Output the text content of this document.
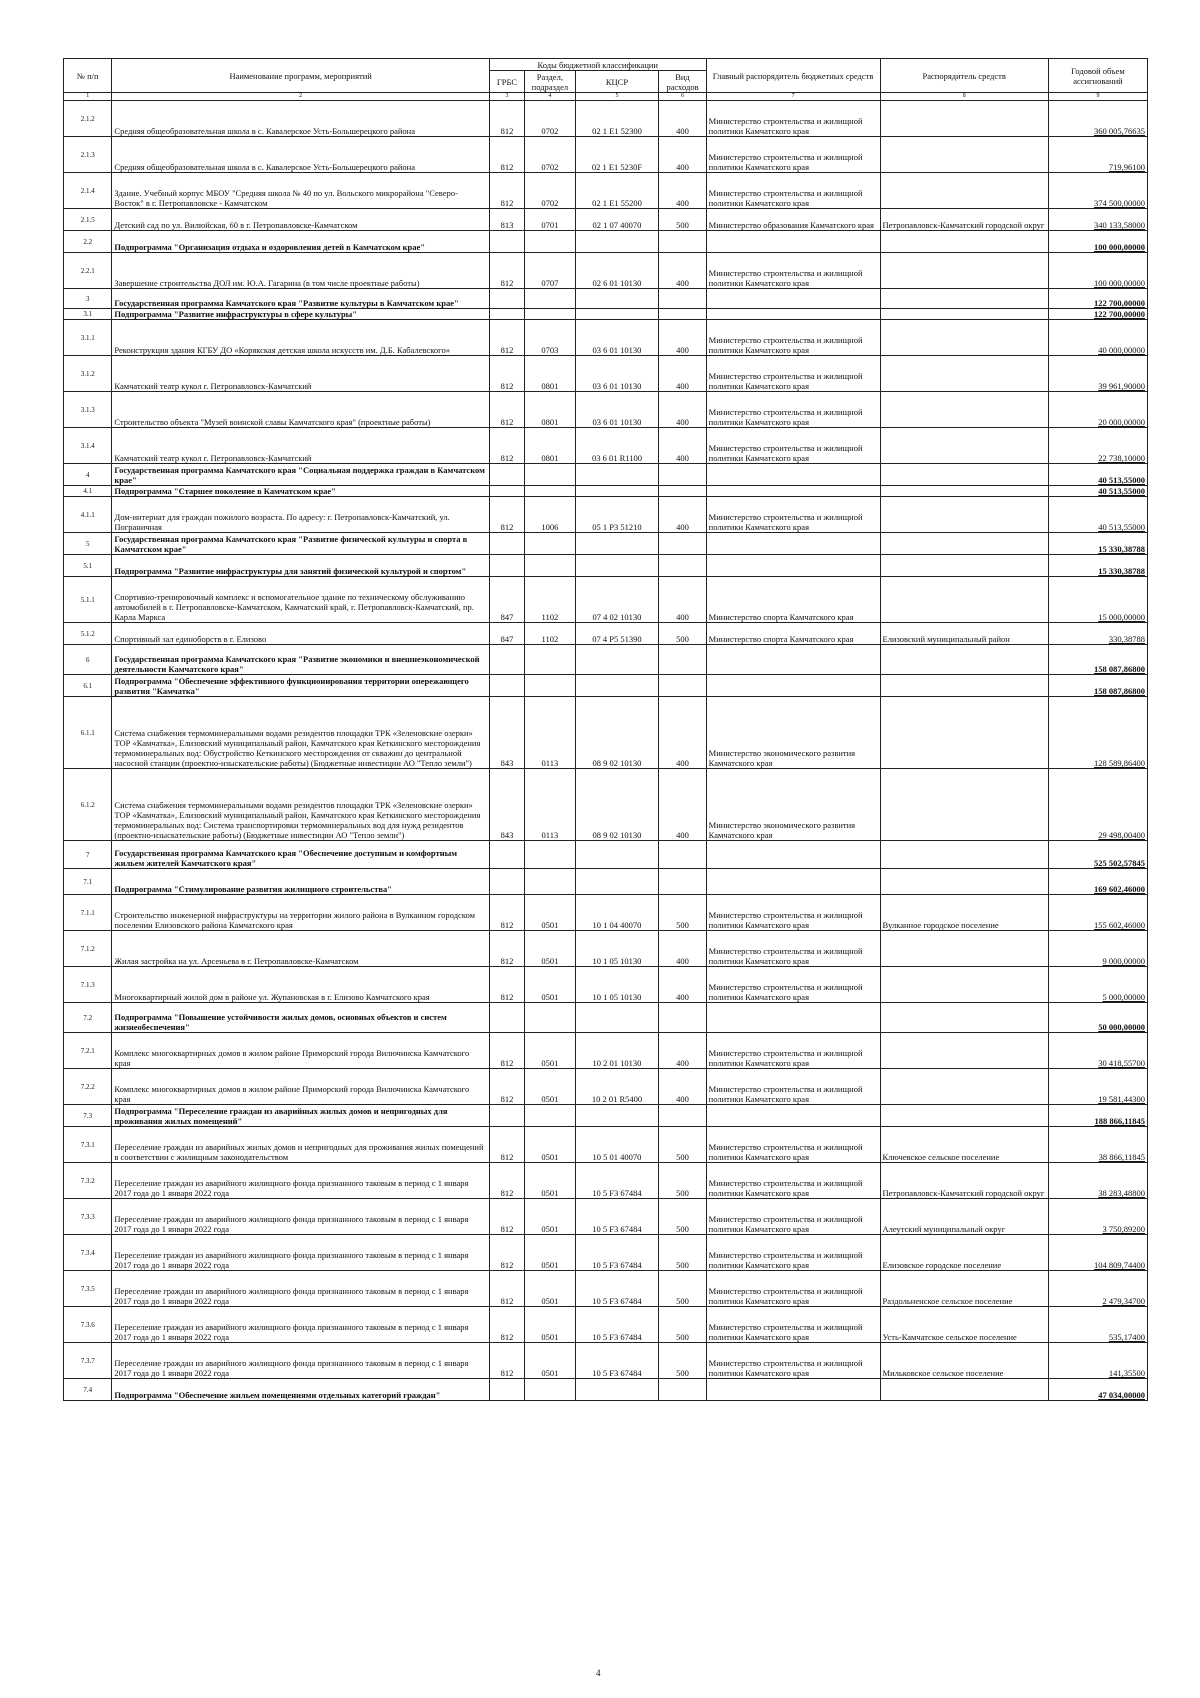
№ п/п	Наименование программ, мероприятий	Коды бюджетной классификации				Главный распорядитель бюджетных средств	Распорядитель средств	Годовой объем ассигнований
		ГРБС	Раздел, подраздел	КЦСР	Вид расходов			
1	2	3	4	5	6	7	8	9
2.1.2	Средняя общеобразовательная школа в с. Кавалерское Усть-Большерецкого района	812	0702	02 1 E1 52300	400	Министерство строительства и жилищной политики Камчатского края		360 005,76635
2.1.3	Средняя общеобразовательная школа в с. Кавалерское Усть-Большерецкого района	812	0702	02 1 E1 5230F	400	Министерство строительства и жилищной политики Камчатского края		719,96100
2.1.4	Здание. Учебный корпус МБОУ "Средняя школа № 40 по ул. Вольского микрорайона "Северо-Восток" в г. Петропавловске - Камчатском	812	0702	02 1 E1 55200	400	Министерство строительства и жилищной политики Камчатского края		374 500,00000
2.1.5	Детский сад по ул. Вилюйская, 60 в г. Петропавловске-Камчатском	813	0701	02 1 07 40070	500	Министерство образования Камчатского края	Петропавловск-Камчатский городской округ	340 133,58000
2.2	Подпрограмма "Организация отдыха и оздоровления детей в Камчатском крае"							100 000,00000
2.2.1	Завершение строительства ДОЛ им. Ю.А. Гагарина (в том числе проектные работы)	812	0707	02 6 01 10130	400	Министерство строительства и жилищной политики Камчатского края		100 000,00000
3	Государственная программа Камчатского края "Развитие культуры в Камчатском крае"							122 700,00000
3.1	Подпрограмма "Развитие инфраструктуры в сфере культуры"							122 700,00000
3.1.1	Реконструкция здания КГБУ ДО «Корякская детская школа искусств им. Д.Б. Кабалевского»	812	0703	03 6 01 10130	400	Министерство строительства и жилищной политики Камчатского края		40 000,00000
3.1.2	Камчатский театр кукол г. Петропавловск-Камчатский	812	0801	03 6 01 10130	400	Министерство строительства и жилищной политики Камчатского края		39 961,90000
3.1.3	Строительство объекта "Музей воинской славы Камчатского края" (проектные работы)	812	0801	03 6 01 10130	400	Министерство строительства и жилищной политики Камчатского края		20 000,00000
3.1.4	Камчатский театр кукол г. Петропавловск-Камчатский	812	0801	03 6 01 R1100	400	Министерство строительства и жилищной политики Камчатского края		22 738,10000
4	Государственная программа Камчатского края "Социальная поддержка граждан в Камчатском крае"							40 513,55000
4.1	Подпрограмма "Старшее поколение в Камчатском крае"							40 513,55000
4.1.1	Дом-интернат для граждан пожилого возраста. По адресу: г. Петропавловск-Камчатский, ул. Пограничная	812	1006	05 1 P3 51210	400	Министерство строительства и жилищной политики Камчатского края		40 513,55000
5	Государственная программа Камчатского края "Развитие физической культуры и спорта в Камчатском крае"							15 330,38788
5.1	Подпрограмма "Развитие инфраструктуры для занятий физической культурой и спортом"							15 330,38788
5.1.1	Спортивно-тренировочный комплекс и вспомогательное здание по техническому обслуживанию автомобилей в г. Петропавловске-Камчатском, Камчатский край, г. Петропавловск-Камчатский, пр. Карла Маркса	847	1102	07 4 02 10130	400	Министерство спорта Камчатского края		15 000,00000
5.1.2	Спортивный зал единоборств в г. Елизово	847	1102	07 4 P5 51390	500	Министерство спорта Камчатского края	Елизовский муниципальный район	330,38788
6	Государственная программа Камчатского края "Развитие экономики и внешнеэкономической деятельности Камчатского края"							158 087,86800
6.1	Подпрограмма "Обеспечение эффективного функционирования территории опережающего развития "Камчатка"							158 087,86800
6.1.1	Система снабжения термоминеральными водами резидентов площадки ТРК «Зеленовские озерки» ТОР «Камчатка», Елизовский муниципальный район, Камчатского края Кеткинского месторождения термоминеральных вод: Обустройство Кеткинского месторождения от скважин до центральной насосной станции (проектно-изыскательские работы) (Бюджетные инвестиции АО "Тепло земли")	843	0113	08 9 02 10130	400	Министерство экономического развития Камчатского края		128 589,86400
6.1.2	Система снабжения термоминеральными водами резидентов площадки ТРК «Зеленовские озерки» ТОР «Камчатка», Елизовский муниципальный район, Камчатского края Кеткинского месторождения термоминеральных вод: Система транспортировки термоминеральных вод для нужд резидентов (проектно-изыскательские работы) (Бюджетные инвестиции АО "Тепло земли")	843	0113	08 9 02 10130	400	Министерство экономического развития Камчатского края		29 498,00400
7	Государственная программа Камчатского края "Обеспечение доступным и комфортным жильем жителей Камчатского края"							525 502,57845
7.1	Подпрограмма "Стимулирование развития жилищного строительства"							169 602,46000
7.1.1	Строительство инженерной инфраструктуры на территории жилого района в Вулканном городском поселении Елизовского района Камчатского края	812	0501	10 1 04 40070	500	Министерство строительства и жилищной политики Камчатского края	Вулканное городское поселение	155 602,46000
7.1.2	Жилая застройка на ул. Арсеньева в г. Петропавловске-Камчатском	812	0501	10 1 05 10130	400	Министерство строительства и жилищной политики Камчатского края		9 000,00000
7.1.3	Многоквартирный жилой дом в районе ул. Жупановская в г. Елизово Камчатского края	812	0501	10 1 05 10130	400	Министерство строительства и жилищной политики Камчатского края		5 000,00000
7.2	Подпрограмма "Повышение устойчивости жилых домов, основных объектов и систем жизнеобеспечения"							50 000,00000
7.2.1	Комплекс многоквартирных домов в жилом районе Приморский города Вилючинска Камчатского края	812	0501	10 2 01 10130	400	Министерство строительства и жилищной политики Камчатского края		30 418,55700
7.2.2	Комплекс многоквартирных домов в жилом районе Приморский города Вилючинска Камчатского края	812	0501	10 2 01 R5400	400	Министерство строительства и жилищной политики Камчатского края		19 581,44300
7.3	Подпрограмма "Переселение граждан из аварийных жилых домов и непригодных для проживания жилых помещений"							188 866,11845
7.3.1	Переселение граждан из аварийных жилых домов и непригодных для проживания жилых помещений в соответствии с жилищным законодательством	812	0501	10 5 01 40070	500	Министерство строительства и жилищной политики Камчатского края	Ключевское сельское поселение	38 866,11845
7.3.2	Переселение граждан из аварийного жилищного фонда признанного таковым в период с 1 января 2017 года до 1 января 2022 года	812	0501	10 5 F3 67484	500	Министерство строительства и жилищной политики Камчатского края	Петропавловск-Камчатский городской округ	38 283,48800
7.3.3	Переселение граждан из аварийного жилищного фонда признанного таковым в период с 1 января 2017 года до 1 января 2022 года	812	0501	10 5 F3 67484	500	Министерство строительства и жилищной политики Камчатского края	Алеутский муниципальный округ	3 750,89200
7.3.4	Переселение граждан из аварийного жилищного фонда признанного таковым в период с 1 января 2017 года до 1 января 2022 года	812	0501	10 5 F3 67484	500	Министерство строительства и жилищной политики Камчатского края	Елизовское городское поселение	104 809,74400
7.3.5	Переселение граждан из аварийного жилищного фонда признанного таковым в период с 1 января 2017 года до 1 января 2022 года	812	0501	10 5 F3 67484	500	Министерство строительства и жилищной политики Камчатского края	Раздольненское сельское поселение	2 479,34700
7.3.6	Переселение граждан из аварийного жилищного фонда признанного таковым в период с 1 января 2017 года до 1 января 2022 года	812	0501	10 5 F3 67484	500	Министерство строительства и жилищной политики Камчатского края	Усть-Камчатское сельское поселение	535,17400
7.3.7	Переселение граждан из аварийного жилищного фонда признанного таковым в период с 1 января 2017 года до 1 января 2022 года	812	0501	10 5 F3 67484	500	Министерство строительства и жилищной политики Камчатского края	Мильковское сельское поселение	141,35500
7.4	Подпрограмма "Обеспечение жильем помещениями отдельных категорий граждан"							47 034,00000
4
